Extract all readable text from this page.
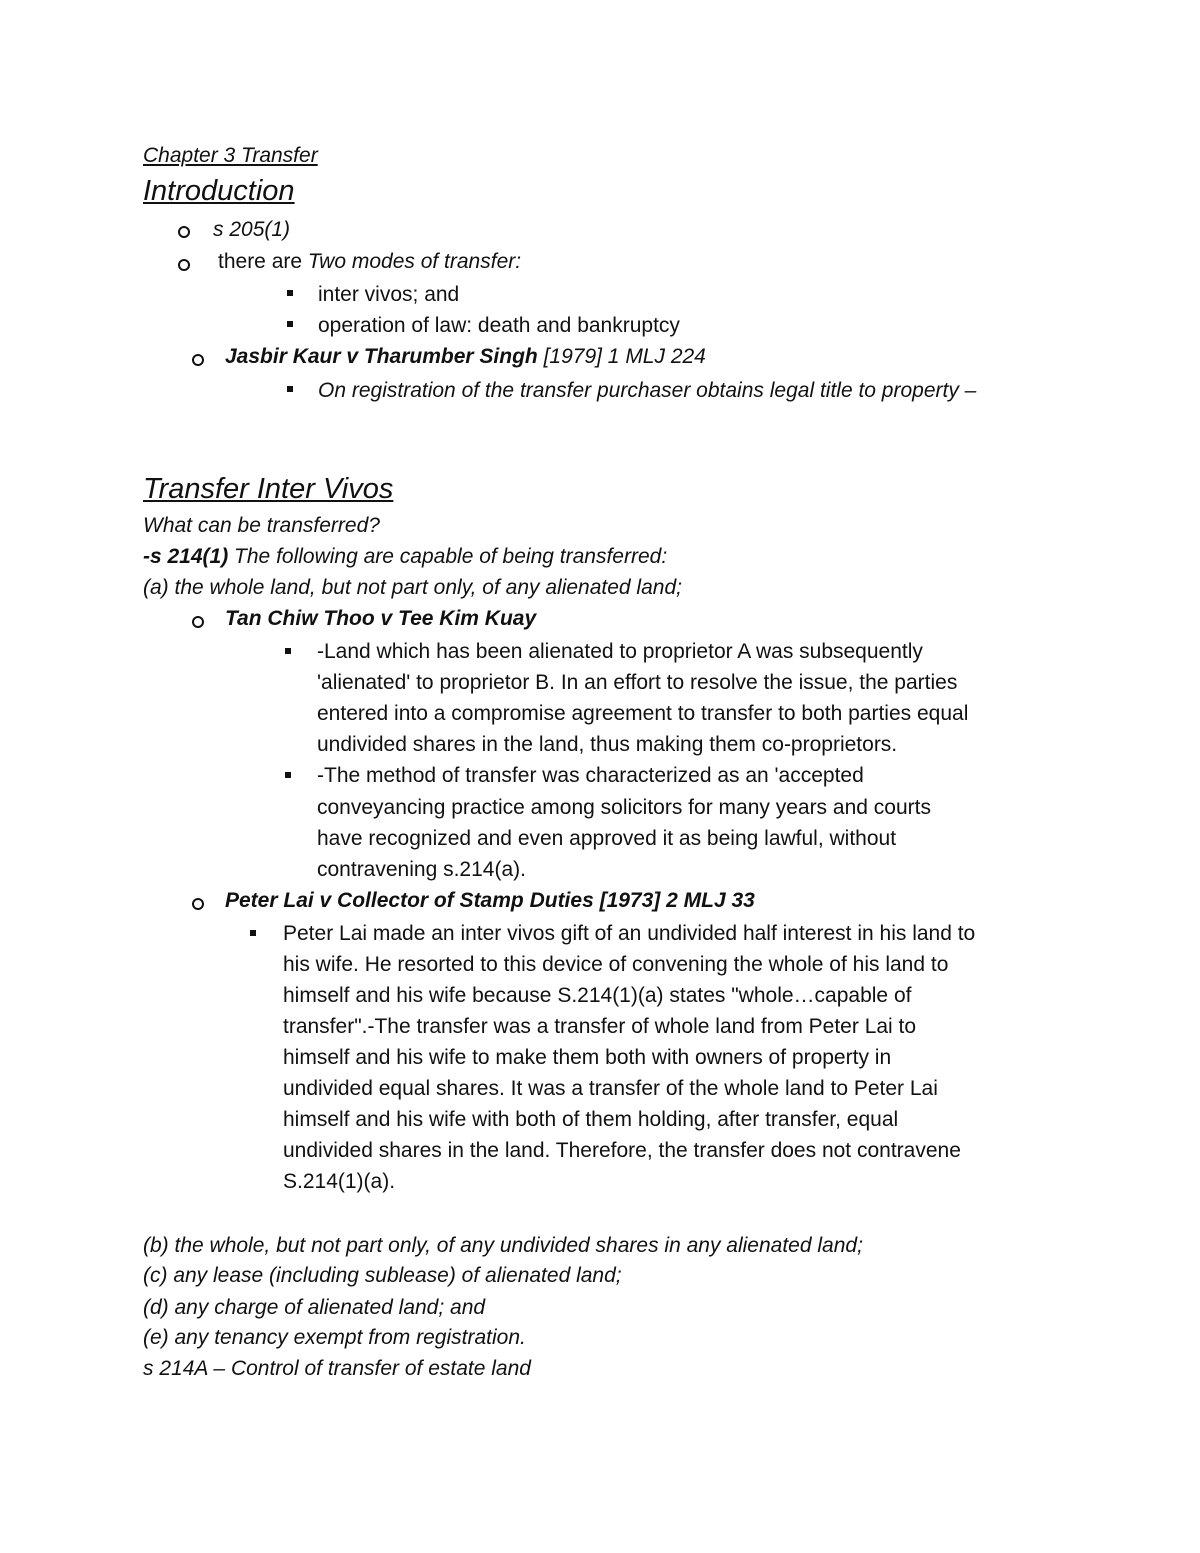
Chapter 3 Transfer
Introduction
s 205(1)
there are Two modes of transfer:
inter vivos; and
operation of law: death and bankruptcy
Jasbir Kaur v Tharumber Singh [1979] 1 MLJ 224
On registration of the transfer purchaser obtains legal title to property –
Transfer Inter Vivos
What can be transferred?
-s 214(1) The following are capable of being transferred:
(a) the whole land, but not part only, of any alienated land;
Tan Chiw Thoo v Tee Kim Kuay
-Land which has been alienated to proprietor A was subsequently
'alienated' to proprietor B. In an effort to resolve the issue, the parties
entered into a compromise agreement to transfer to both parties equal
undivided shares in the land, thus making them co-proprietors.
-The method of transfer was characterized as an 'accepted
conveyancing practice among solicitors for many years and courts
have recognized and even approved it as being lawful, without
contravening s.214(a).
Peter Lai v Collector of Stamp Duties [1973] 2 MLJ 33
Peter Lai made an inter vivos gift of an undivided half interest in his land to
his wife. He resorted to this device of convening the whole of his land to
himself and his wife because S.214(1)(a) states "whole…capable of
transfer".-The transfer was a transfer of whole land from Peter Lai to
himself and his wife to make them both with owners of property in
undivided equal shares. It was a transfer of the whole land to Peter Lai
himself and his wife with both of them holding, after transfer, equal
undivided shares in the land. Therefore, the transfer does not contravene
S.214(1)(a).
(b) the whole, but not part only, of any undivided shares in any alienated land;
(c) any lease (including sublease) of alienated land;
(d) any charge of alienated land; and
(e) any tenancy exempt from registration.
s 214A – Control of transfer of estate land
